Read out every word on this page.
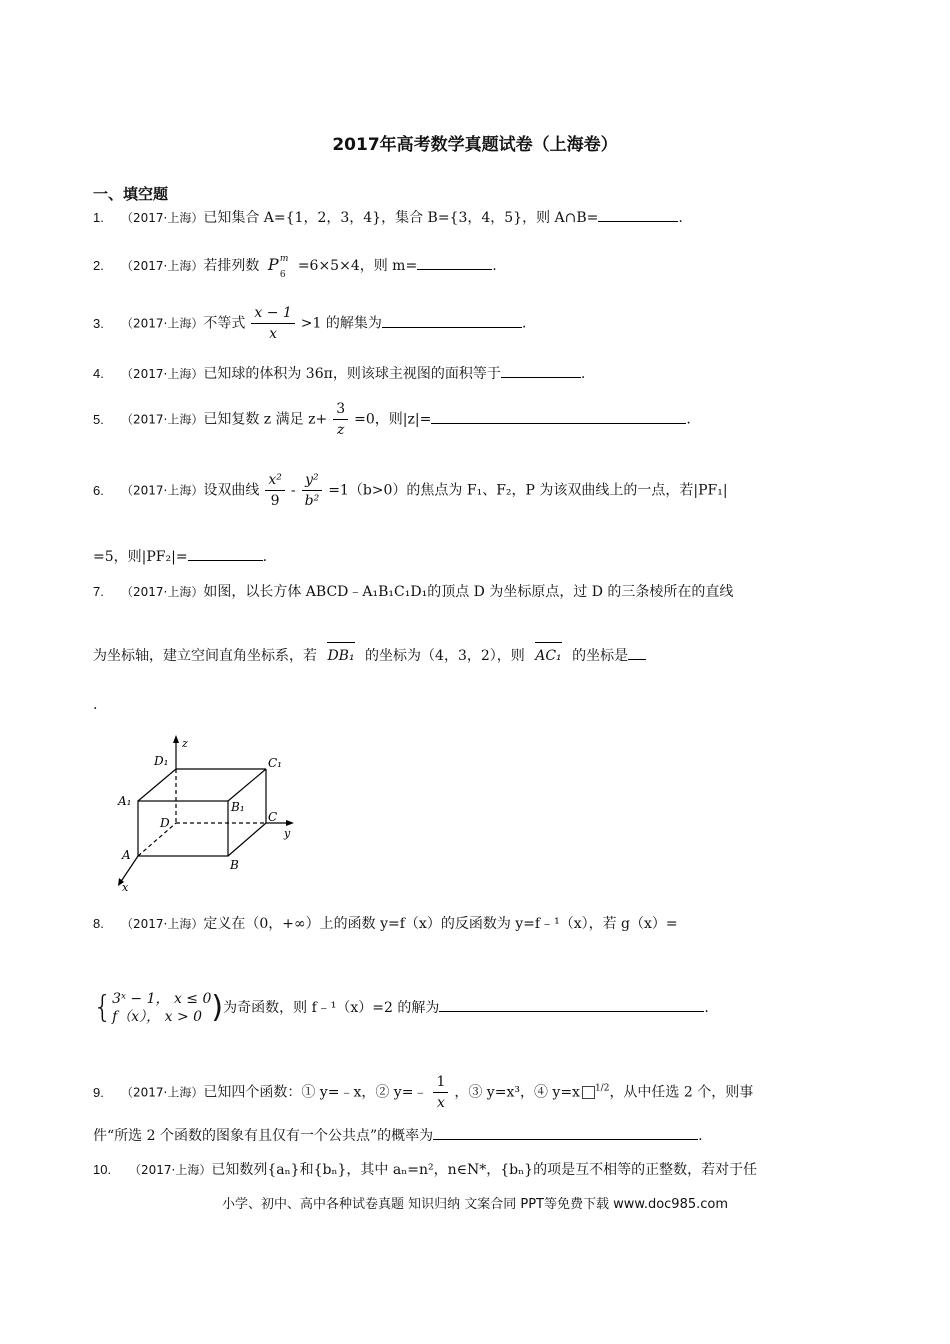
2017年高考数学真题试卷（上海卷）
一、填空题
1. （2017·上海）已知集合 A={1，2，3，4}，集合 B={3，4，5}，则 A∩B=	.
2. （2017·上海）若排列数 P m
6
=6×5×4，则 m=	.
3. （2017·上海）不等式 $\frac{x - 1}{x} >1$ 的解集为	.
4. （2017·上海）已知球的体积为 36π，则该球主视图的面积等于	.
5. （2017·上海）已知复数 z 满足 $z+ \frac{3}{z} =0$，则|z|=	.
6. （2017·上海）设双曲线 $\frac{\text{x²}}{9} - \frac{\text{y²}}{\text{b²}} =1(b>0)$的焦点为 F₁、F₂，P 为该双曲线上的一点，若|PF₁|
=5，则|PF₂|=	.
7. （2017·上海）如图，以长方体 ABCD﹣A₁B₁C₁D₁的顶点 D 为坐标原点，过 D 的三条棱所在的直线
为坐标轴，建立空间直角坐标系，若 DB₁ 的坐标为（4，3，2），则 AC₁ 的坐标是
.
D₁	C₁
A₁	B₁
D	C
A
B
z
y
x
8. （2017·上海）定义在（0，+∞）上的函数 y=f（x）的反函数为 y=f﹣¹（x），若 g（x）=
{ 3ˣ − 1， x ≤ 0
f（x）， x > 0 )为奇函数，则 f﹣¹（x）=2 的解为	.
9. （2017·上海）已知四个函数：① y=﹣x，② y=﹣ $\frac{1}{x}$ ，③ y=x³，④ y=x $^{1/2}$，从中任选 2 个，则事
件“所选 2 个函数的图象有且仅有一个公共点”的概率为	.
10. （2017·上海）已知数列{aₙ}和{bₙ}，其中 aₙ=n²，n∈N*，{bₙ}的项是互不相等的正整数，若对于任
小学、初中、高中各种试卷真题 知识归纳 文案合同 PPT等免费下载 www.doc985.com
